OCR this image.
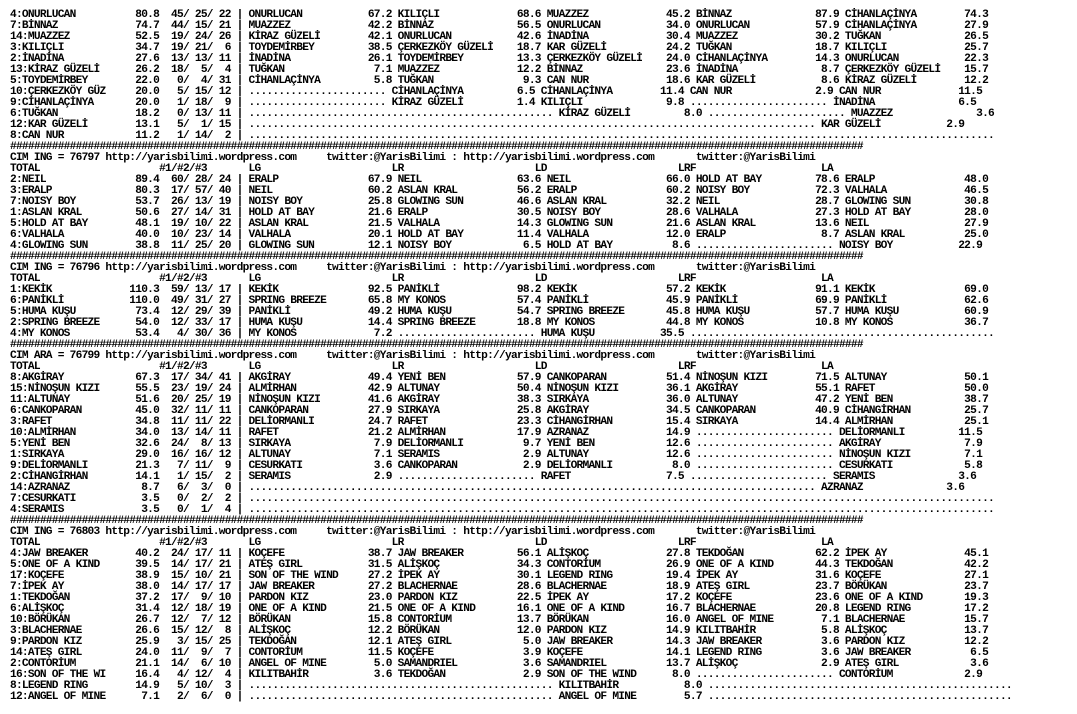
4:ONURLUCAN          80.8  45/ 25/ 22 | ONURLUCAN           67.2 KILIÇLI             68.6 MUAZZEZ             45.2 BİNNAZ              87.9 CİHANLAÇİNYA        74.3
7:BİNNAZ             74.7  44/ 15/ 21 | MUAZZEZ             42.2 BİNNAZ              56.5 ONURLUCAN           34.0 ONURLUCAN           57.9 CİHANLAÇİNYA        27.9
14:MUAZZEZ           52.5  19/ 24/ 26 | KİRAZ GÜZELİ        42.1 ONURLUCAN           42.6 İNADİNA             30.4 MUAZZEZ             30.2 TUĞKAN              26.5
3:KILIÇLI            34.7  19/ 21/  6 | TOYDEMİRBEY         38.5 ÇERKEZKÖY GÜZELİ    18.7 KAR GÜZELİ          24.2 TUĞKAN              18.7 KILIÇLI             25.7
2:İNADİNA            27.6  13/ 13/ 11 | İNADİNA             26.1 TOYDEMİRBEY         13.3 ÇERKEZKÖY GÜZELİ    24.0 CİHANLAÇİNYA        14.3 ONURLUCAN           22.3
13:KİRAZ GÜZELİ      26.2  18/  5/  4 | TUĞKAN               7.1 MUAZZEZ             12.2 BİNNAZ              23.6 İNADİNA              8.7 ÇERKEZKÖY GÜZELİ    15.7
5:TOYDEMİRBEY        22.0   0/  4/ 31 | CİHANLAÇİNYA         5.8 TUĞKAN               9.3 CAN NUR             18.6 KAR GÜZELİ           8.6 KİRAZ GÜZELİ        12.2
10:ÇERKEZKÖY GÜZ     20.0   5/ 15/ 12 | ....................... CİHANLAÇİNYA         6.5 CİHANLAÇİNYA        11.4 CAN NUR              2.9 CAN NUR             11.5
9:CİHANLAÇİNYA       20.0   1/ 18/  9 | ....................... KİRAZ GÜZELİ         1.4 KILIÇLI              9.8 ....................... İNADİNA              6.5
6:TUĞKAN             18.2   0/ 13/ 11 | ................................................... KİRAZ GÜZELİ         8.0 ....................... MUAZZEZ              3.6
12:KAR GÜZELİ        13.1   5/  1/ 15 | ............................................................................................... KAR GÜZELİ           2.9
8:CAN NUR            11.2   1/ 14/  2 | .............................................................................................................................
###############################################################################################################################################
CIM ING = 76797 http://yarisbilimi.wordpress.com     twitter:@YarisBilimi : http://yarisbilimi.wordpress.com       twitter:@YarisBilimi
TOTAL                    #1/#2/#3       LG                      LR                      LD                      LRF                     LA
2:NEIL               89.4  60/ 28/ 24 | ERALP               67.9 NEIL                63.6 NEIL                66.0 HOLD AT BAY         78.6 ERALP               48.0
3:ERALP              80.3  17/ 57/ 40 | NEIL                60.2 ASLAN KRAL          56.2 ERALP               60.2 NOISY BOY           72.3 VALHALA             46.5
7:NOISY BOY          53.7  26/ 13/ 19 | NOISY BOY           25.8 GLOWING SUN         46.6 ASLAN KRAL          32.2 NEIL                28.7 GLOWING SUN         30.8
1:ASLAN KRAL         50.6  27/ 14/ 31 | HOLD AT BAY         21.6 ERALP               30.5 NOISY BOY           28.6 VALHALA             27.3 HOLD AT BAY         28.0
5:HOLD AT BAY        48.1  19/ 10/ 22 | ASLAN KRAL          21.5 VALHALA             14.3 GLOWING SUN         21.6 ASLAN KRAL          13.6 NEIL                27.9
6:VALHALA            40.0  10/ 23/ 14 | VALHALA             20.1 HOLD AT BAY         11.4 VALHALA             12.0 ERALP                8.7 ASLAN KRAL          25.0
4:GLOWING SUN        38.8  11/ 25/ 20 | GLOWING SUN         12.1 NOISY BOY            6.5 HOLD AT BAY          8.6 ....................... NOISY BOY           22.9
###############################################################################################################################################
CIM ING = 76796 http://yarisbilimi.wordpress.com     twitter:@YarisBilimi : http://yarisbilimi.wordpress.com       twitter:@YarisBilimi
TOTAL                    #1/#2/#3       LG                      LR                      LD                      LRF                     LA
1:KEKİK             110.3  59/ 13/ 17 | KEKİK               92.5 PANİKLİ             98.2 KEKİK               57.2 KEKİK               91.1 KEKİK               69.0
6:PANİKLİ           110.0  49/ 31/ 27 | SPRING BREEZE       65.8 MY KONOS            57.4 PANİKLİ             45.9 PANİKLİ             69.9 PANİKLİ             62.6
5:HUMA KUŞU          73.4  12/ 29/ 39 | PANİKLİ             49.2 HUMA KUŞU           54.7 SPRING BREEZE       45.8 HUMA KUŞU           57.7 HUMA KUŞU           60.9
2:SPRING BREEZE      54.0  12/ 33/ 17 | HUMA KUŞU           14.4 SPRING BREEZE       18.8 MY KONOS            44.8 MY KONOS            10.8 MY KONOS            36.7
4:MY KONOS           53.4   4/ 30/ 36 | MY KONOS             7.2 ....................... HUMA KUŞU           35.5 ...................................................
###############################################################################################################################################
CIM ARA = 76799 http://yarisbilimi.wordpress.com     twitter:@YarisBilimi : http://yarisbilimi.wordpress.com       twitter:@YarisBilimi
TOTAL                    #1/#2/#3       LG                      LR                      LD                      LRF                     LA
8:AKGİRAY            67.3  17/ 34/ 41 | AKGİRAY             49.4 YENİ BEN            57.9 CANKOPARAN          51.4 NİNOŞUN KIZI        71.5 ALTUNAY             50.1
15:NİNOŞUN KIZI      55.5  23/ 19/ 24 | ALMİRHAN            42.9 ALTUNAY             50.4 NİNOŞUN KIZI        36.1 AKGİRAY             55.1 RAFET               50.0
11:ALTUNAY           51.6  20/ 25/ 19 | NİNOŞUN KIZI        41.6 AKGİRAY             38.3 SIRKAYA             36.0 ALTUNAY             47.2 YENİ BEN            38.7
6:CANKOPARAN         45.0  32/ 11/ 11 | CANKOPARAN          27.9 SIRKAYA             25.8 AKGİRAY             34.5 CANKOPARAN          40.9 CİHANGİRHAN         25.7
3:RAFET              34.8  11/ 11/ 22 | DELİORMANLI         24.7 RAFET               23.3 CİHANGİRHAN         15.4 SIRKAYA             14.4 ALMİRHAN            25.1
10:ALMİRHAN          34.0  13/ 14/ 11 | RAFET               21.2 ALMİRHAN            17.9 AZRANAZ             14.9 ....................... DELİORMANLI         11.5
5:YENİ BEN           32.6  24/  8/ 13 | SIRKAYA              7.9 DELİORMANLI          9.7 YENİ BEN            12.6 ....................... AKGİRAY              7.9
1:SIRKAYA            29.0  16/ 16/ 12 | ALTUNAY              7.1 SERAMIS              2.9 ALTUNAY             12.6 ....................... NİNOŞUN KIZI         7.1
9:DELİORMANLI        21.3   7/ 11/  9 | CESURKATI            3.6 CANKOPARAN           2.9 DELİORMANLI          8.0 ....................... CESURKATI            5.8
2:CİHANGİRHAN        14.1   1/ 15/  2 | SERAMIS              2.9 ....................... RAFET                7.5 ....................... SERAMIS              3.6
14:AZRANAZ            8.7   6/  3/  0 | ............................................................................................... AZRANAZ              3.6
7:CESURKATI           3.5   0/  2/  2 | .............................................................................................................................
4:SERAMIS             3.5   0/  1/  4 | .............................................................................................................................
###############################################################################################################################################
CIM ING = 76803 http://yarisbilimi.wordpress.com     twitter:@YarisBilimi : http://yarisbilimi.wordpress.com       twitter:@YarisBilimi
TOTAL                    #1/#2/#3       LG                      LR                      LD                      LRF                     LA
4:JAW BREAKER        40.2  24/ 17/ 11 | KOÇEFE              38.7 JAW BREAKER         56.1 ALİŞKOÇ             27.8 TEKDOĞAN            62.2 İPEK AY             45.1
5:ONE OF A KIND      39.5  14/ 17/ 21 | ATEŞ GIRL           31.5 ALİŞKOÇ             34.3 CONTORİUM           26.9 ONE OF A KIND       44.3 TEKDOĞAN            42.2
17:KOÇEFE            38.9  15/ 10/ 21 | SON OF THE WIND     27.2 İPEK AY             30.1 LEGEND RING         19.4 İPEK AY             31.6 KOÇEFE              27.1
7:İPEK AY            38.0  14/ 17/ 17 | JAW BREAKER         27.2 BLACHERNAE          28.6 BLACHERNAE          18.9 ATEŞ GIRL           23.7 BÖRÜKAN             23.7
1:TEKDOĞAN           37.2  17/  9/ 10 | PARDON KIZ          23.0 PARDON KIZ          22.5 İPEK AY             17.2 KOÇEFE              23.6 ONE OF A KIND       19.3
6:ALİŞKOÇ            31.4  12/ 18/ 19 | ONE OF A KIND       21.5 ONE OF A KIND       16.1 ONE OF A KIND       16.7 BLACHERNAE          20.8 LEGEND RING         17.2
10:BÖRÜKAN           26.7  12/  7/ 12 | BÖRÜKAN             15.8 CONTORİUM           13.7 BÖRÜKAN             16.0 ANGEL OF MINE        7.1 BLACHERNAE          15.7
3:BLACHERNAE         26.6  15/ 12/  8 | ALİŞKOÇ             12.2 BÖRÜKAN             12.0 PARDON KIZ          14.9 KILITBAHİR           5.8 ALİŞKOÇ             13.7
9:PARDON KIZ         25.9   3/ 15/ 25 | TEKDOĞAN            12.1 ATEŞ GIRL            5.0 JAW BREAKER         14.3 JAW BREAKER          3.6 PARDON KIZ          12.2
14:ATEŞ GIRL         24.0  11/  9/  7 | CONTORİUM           11.5 KOÇEFE               3.9 KOÇEFE              14.1 LEGEND RING          3.6 JAW BREAKER          6.5
2:CONTORİUM          21.1  14/  6/ 10 | ANGEL OF MINE        5.0 SAMANDRIEL           3.6 SAMANDRIEL          13.7 ALİŞKOÇ              2.9 ATEŞ GIRL            3.6
16:SON OF THE WI     16.4   4/ 12/  4 | KILITBAHİR           3.6 TEKDOĞAN             2.9 SON OF THE WIND      8.0 ....................... CONTORİUM            2.9
8:LEGEND RING        14.9   5/ 10/  3 | ................................................... KILITBAHİR           8.0 ...................................................
12:ANGEL OF MINE      7.1   2/  6/  0 | ................................................... ANGEL OF MINE        5.7 ...................................................
